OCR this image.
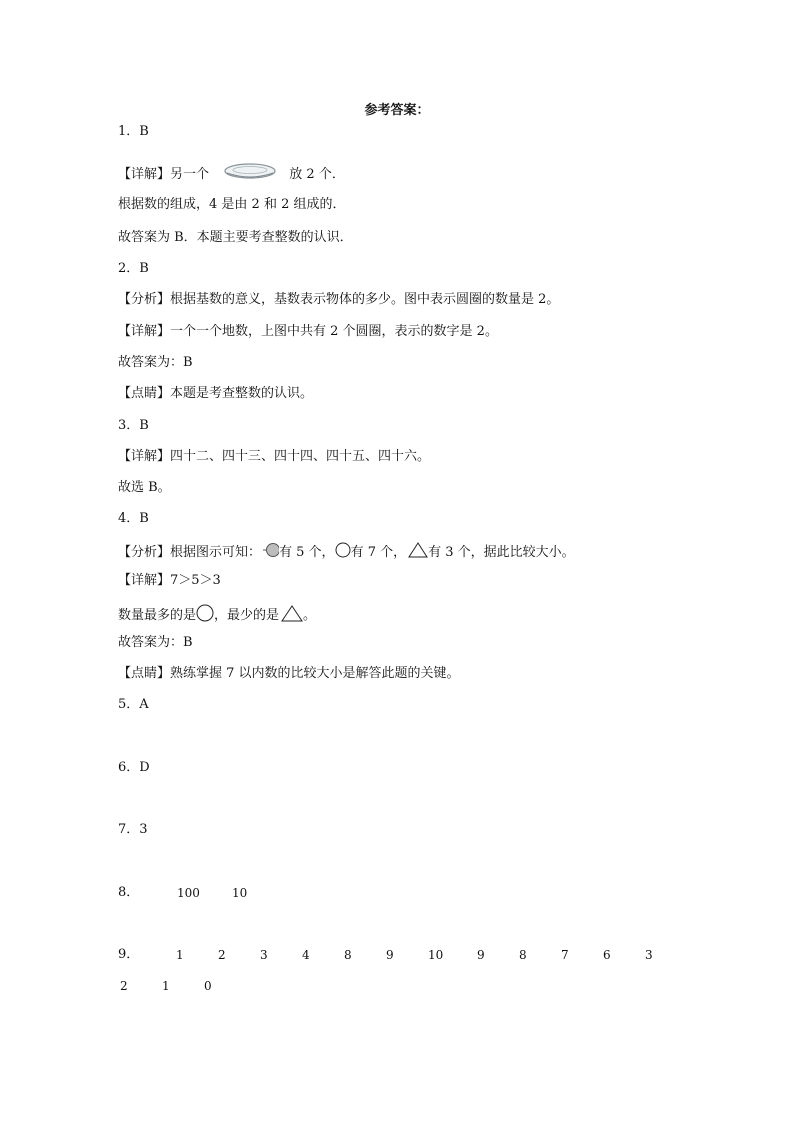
参考答案：
1．B
【详解】另一个	放 2 个．
根据数的组成，4 是由 2 和 2 组成的．
故答案为 B．本题主要考查整数的认识．
2．B
【分析】根据基数的意义，基数表示物体的多少。图中表示圆圈的数量是 2。
【详解】一个一个地数，上图中共有 2 个圆圈，表示的数字是 2。
故答案为：B
【点睛】本题是考查整数的认识。
3．B
【详解】四十二、四十三、四十四、四十五、四十六。
故选 B。
4．B
【分析】根据图示可知： 有 5 个， 有 7 个， 有 3 个，据此比较大小。
【详解】7＞5＞3
数量最多的是 ，最少的是 。
故答案为：B
【点睛】熟练掌握 7 以内数的比较大小是解答此题的关键。
5．A
6．D
7．3
8．	100	10
9．	1	2	3	4	8	9	10	9	8	7	6	3
2	1	0
